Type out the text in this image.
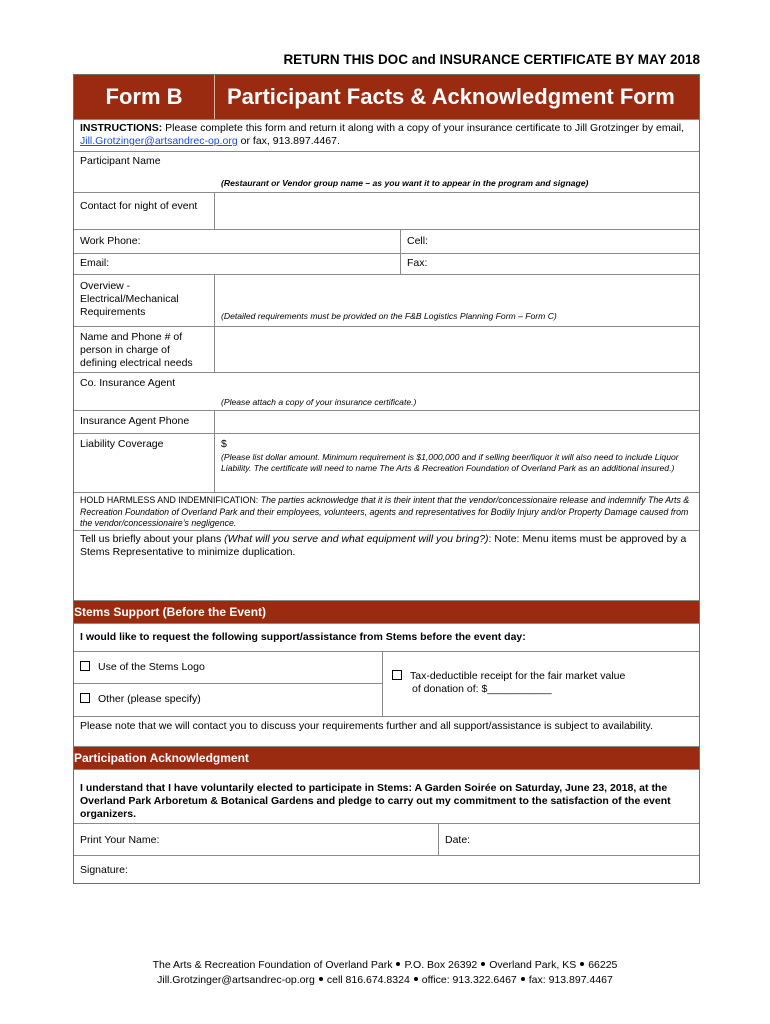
RETURN THIS DOC and INSURANCE CERTIFICATE BY MAY 2018
Form B	Participant Facts & Acknowledgment Form
INSTRUCTIONS: Please complete this form and return it along with a copy of your insurance certificate to Jill Grotzinger by email, Jill.Grotzinger@artsandrec-op.org or fax, 913.897.4467.
Participant Name
(Restaurant or Vendor group name – as you want it to appear in the program and signage)
Contact for night of event
Work Phone:	Cell:
Email:	Fax:
Overview - Electrical/Mechanical Requirements	(Detailed requirements must be provided on the F&B Logistics Planning Form – Form C)
Name and Phone # of person in charge of defining electrical needs
Co. Insurance Agent
(Please attach a copy of your insurance certificate.)
Insurance Agent Phone
Liability Coverage	$
(Please list dollar amount. Minimum requirement is $1,000,000 and if selling beer/liquor it will also need to include Liquor Liability. The certificate will need to name The Arts & Recreation Foundation of Overland Park as an additional insured.)
HOLD HARMLESS AND INDEMNIFICATION: The parties acknowledge that it is their intent that the vendor/concessionaire release and indemnify The Arts & Recreation Foundation of Overland Park and their employees, volunteers, agents and representatives for Bodily Injury and/or Property Damage caused from the vendor/concessionaire’s negligence.
Tell us briefly about your plans (What will you serve and what equipment will you bring?): Note: Menu items must be approved by a Stems Representative to minimize duplication.
Stems Support (Before the Event)
I would like to request the following support/assistance from Stems before the event day:
Use of the Stems Logo
Other (please specify)
Tax-deductible receipt for the fair market value
of donation of: $___________
Please note that we will contact you to discuss your requirements further and all support/assistance is subject to availability.
Participation Acknowledgment
I understand that I have voluntarily elected to participate in Stems: A Garden Soirée on Saturday, June 23, 2018, at the Overland Park Arboretum & Botanical Gardens and pledge to carry out my commitment to the satisfaction of the event organizers.
Print Your Name:	Date:
Signature:
The Arts & Recreation Foundation of Overland Park P.O. Box 26392 Overland Park, KS 66225
Jill.Grotzinger@artsandrec-op.org cell 816.674.8324 office: 913.322.6467 fax: 913.897.4467
